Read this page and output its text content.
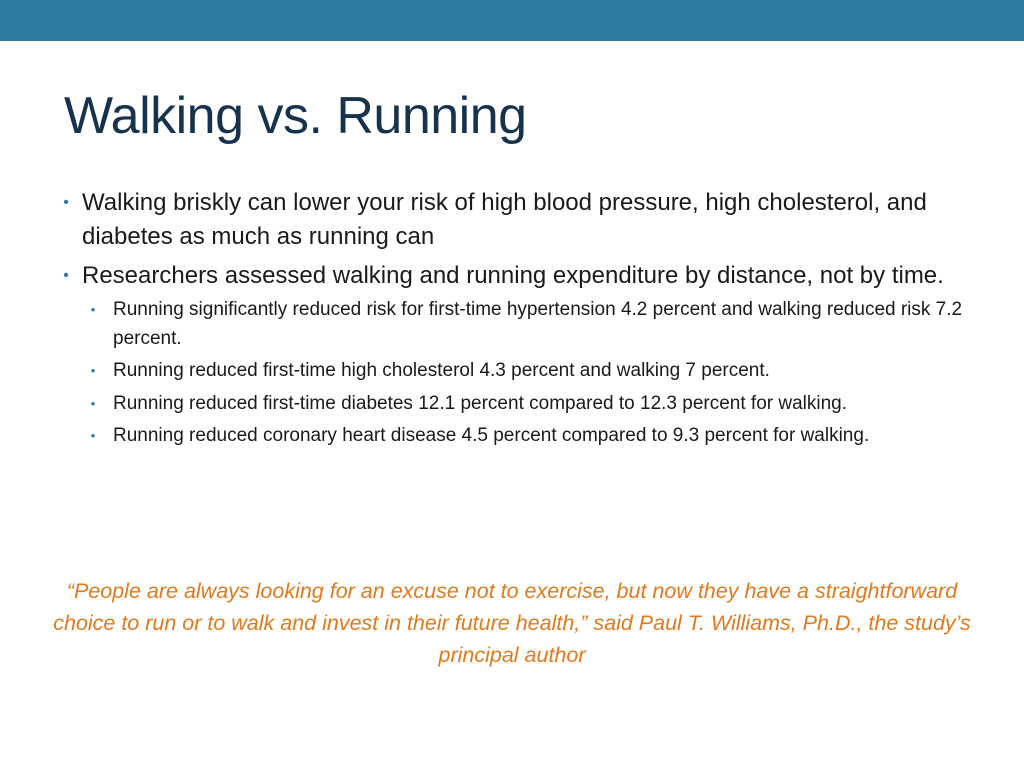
Walking vs. Running
• Walking briskly can lower your risk of high blood pressure, high cholesterol, and diabetes as much as running can
• Researchers assessed walking and running expenditure by distance, not by time.
• Running significantly reduced risk for first-time hypertension 4.2 percent and walking reduced risk 7.2 percent.
• Running reduced first-time high cholesterol 4.3 percent and walking 7 percent.
• Running reduced first-time diabetes 12.1 percent compared to 12.3 percent for walking.
• Running reduced coronary heart disease 4.5 percent compared to 9.3 percent for walking.
“People are always looking for an excuse not to exercise, but now they have a straightforward choice to run or to walk and invest in their future health,” said Paul T. Williams, Ph.D., the study’s principal author
